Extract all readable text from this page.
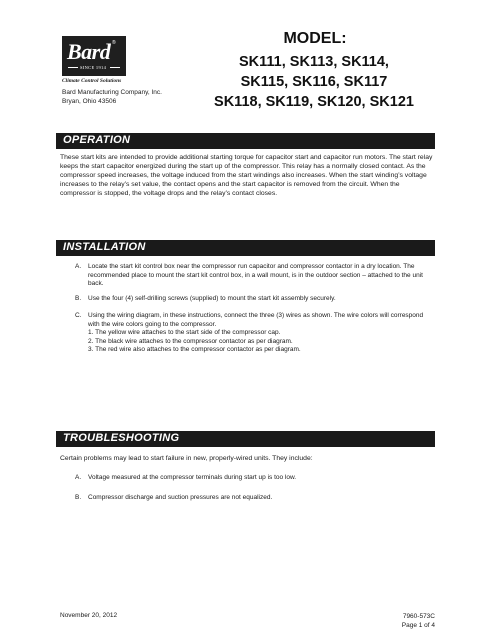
Bard ®
SINCE 1914
Climate Control Solutions
Bard Manufacturing Company, Inc.
Bryan, Ohio 43506
MODEL:
SK111, SK113, SK114,
SK115, SK116, SK117
SK118, SK119, SK120, SK121
OPERATION
These start kits are intended to provide additional starting torque for capacitor start and capacitor run motors. The start relay keeps the start capacitor energized during the start up of the compressor. This relay has a normally closed contact. As the compressor speed increases, the voltage induced from the start windings also increases. When the start winding’s voltage increases to the relay’s set value, the contact opens and the start capacitor is removed from the circuit. When the compressor is stopped, the voltage drops and the relay’s contact closes.
INSTALLATION
A. Locate the start kit control box near the compressor run capacitor and compressor contactor in a dry location. The recommended place to mount the start kit control box, in a wall mount, is in the outdoor section – attached to the unit back.
B. Use the four (4) self-drilling screws (supplied) to mount the start kit assembly securely.
C. Using the wiring diagram, in these instructions, connect the three (3) wires as shown. The wire colors will correspond with the wire colors going to the compressor.
1. The yellow wire attaches to the start side of the compressor cap.
2. The black wire attaches to the compressor contactor as per diagram.
3. The red wire also attaches to the compressor contactor as per diagram.
TROUBLESHOOTING
Certain problems may lead to start failure in new, properly-wired units. They include:
A. Voltage measured at the compressor terminals during start up is too low.
B. Compressor discharge and suction pressures are not equalized.
November 20, 2012	7960-573C
Page 1 of 4
